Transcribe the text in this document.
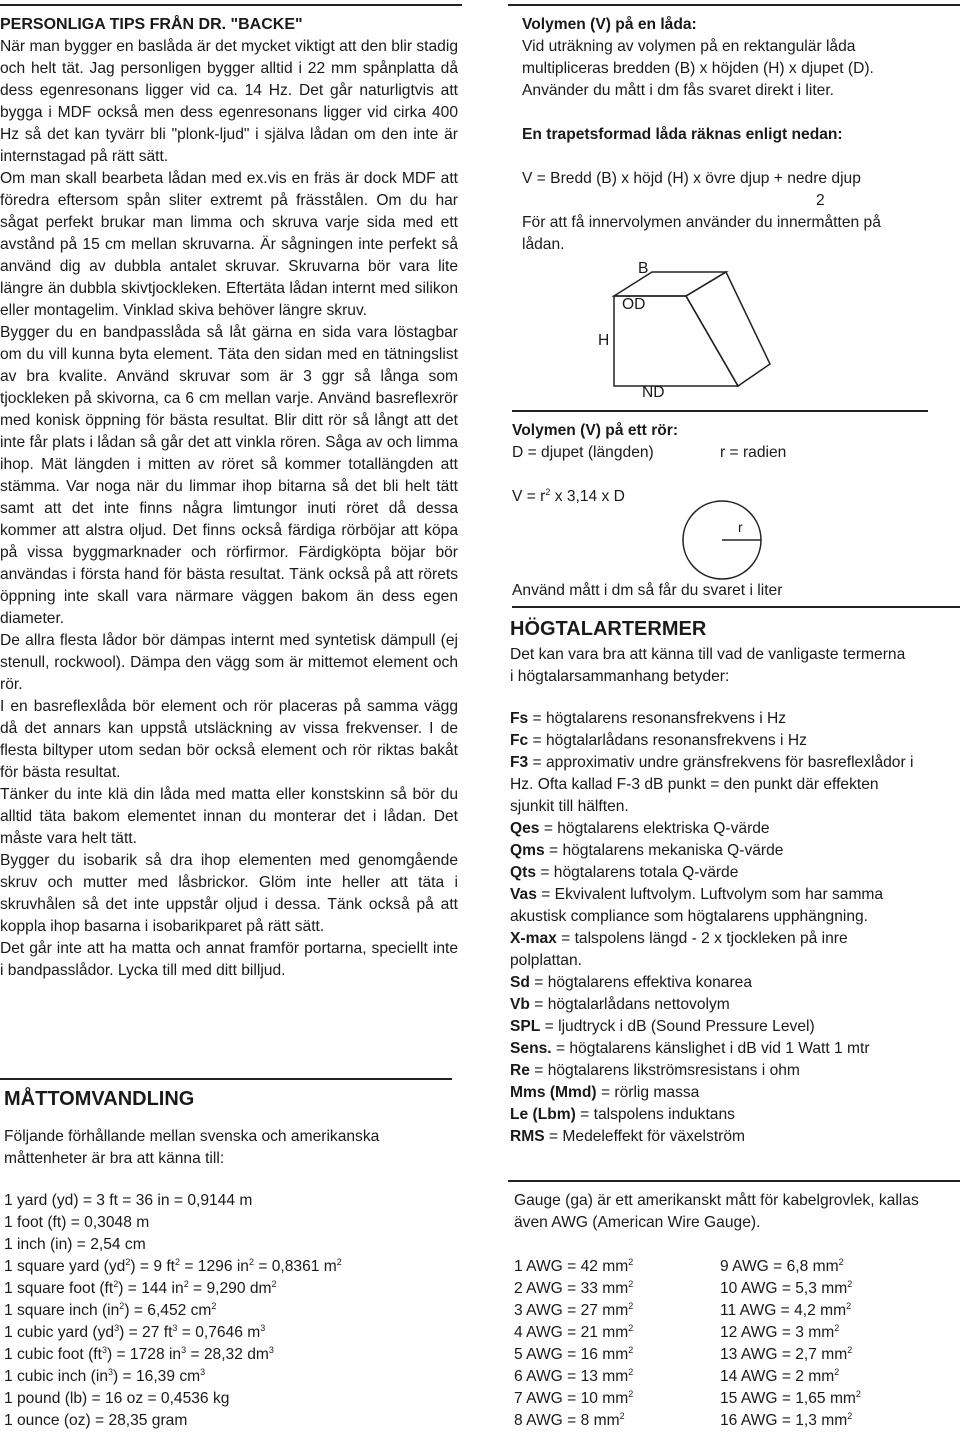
PERSONLIGA TIPS FRÅN DR. "BACKE"

När man bygger en baslåda är det mycket viktigt att den blir stadig och helt tät. Jag personligen bygger alltid i 22 mm spånplatta då dess egenresonans ligger vid ca. 14 Hz. Det går naturligtvis att bygga i MDF också men dess egenresonans ligger vid cirka 400 Hz så det kan tyvärr bli "plonk-ljud" i själva lådan om den inte är internstagad på rätt sätt.

Om man skall bearbeta lådan med ex.vis en fräs är dock MDF att föredra eftersom spån sliter extremt på frässtålen. Om du har sågat perfekt brukar man limma och skruva varje sida med ett avstånd på 15 cm mellan skruvarna. Är sågningen inte perfekt så använd dig av dubbla antalet skruvar. Skruvarna bör vara lite längre än dubbla skivtjockleken. Eftertäta lådan internt med silikon eller montagelim. Vinklad skiva behöver längre skruv.

Bygger du en bandpasslåda så låt gärna en sida vara löstagbar om du vill kunna byta element. Täta den sidan med en tätningslist av bra kvalite. Använd skruvar som är 3 ggr så långa som tjockleken på skivorna, ca 6 cm mellan varje. Använd basreflexrör med konisk öppning för bästa resultat. Blir ditt rör så långt att det inte får plats i lådan så går det att vinkla rören. Såga av och limma ihop. Mät längden i mitten av röret så kommer totallängden att stämma. Var noga när du limmar ihop bitarna så det bli helt tätt samt att det inte finns några limtungor inuti röret då dessa kommer att alstra oljud. Det finns också färdiga rörböjar att köpa på vissa byggmarknader och rörfirmor. Färdigköpta böjar bör användas i första hand för bästa resultat. Tänk också på att rörets öppning inte skall vara närmare väggen bakom än dess egen diameter.

De allra flesta lådor bör dämpas internt med syntetisk dämpull (ej stenull, rockwool). Dämpa den vägg som är mittemot element och rör.

I en basreflexlåda bör element och rör placeras på samma vägg då det annars kan uppstå utsläckning av vissa frekvenser. I de flesta biltyper utom sedan bör också element och rör riktas bakåt för bästa resultat.

Tänker du inte klä din låda med matta eller konstskinn så bör du alltid täta bakom elementet innan du monterar det i lådan. Det måste vara helt tätt.

Bygger du isobarik så dra ihop elementen med genomgående skruv och mutter med låsbrickor. Glöm inte heller att täta i skruvhålen så det inte uppstår oljud i dessa. Tänk också på att koppla ihop basarna i isobarikparet på rätt sätt.

Det går inte att ha matta och annat framför portarna, speciellt inte i bandpasslådor. Lycka till med ditt billjud.

MÅTTOMVANDLING

Följande förhållande mellan svenska och amerikanska måttenheter är bra att känna till:

1 yard (yd) = 3 ft = 36 in = 0,9144 m
1 foot (ft) = 0,3048 m
1 inch (in) = 2,54 cm
1 square yard $(yd^2) = 9$ $ft^2 = 1296$ $in^2 = 0,8361$ $m^2$
1 square foot $(ft^2) = 144$ $in^2 = 9,290$ $dm^2$
1 square inch $(in^2) = 6,452$ $cm^2$
1 cubic yard $(yd^3) = 27$ $ft^3 = 0,7646$ $m^3$
1 cubic foot $(ft^3) = 1728$ $in^3 = 28,32$ $dm^3$
1 cubic inch $(in^3) = 16,39$ $cm^3$
1 pound (lb) = 16 oz = 0,4536 kg
1 ounce (oz) = 28,35 gram
Volymen (V) på en låda:

Vid uträkning av volymen på en rektangulär låda multipliceras bredden (B) x höjden (H) x djupet (D). Använder du mått i dm fås svaret direkt i liter.

En trapetsformad låda räknas enligt nedan:
V = Bredd (B) x höjd (H) x övre djup + nedre djup
2

För att få innervolymen använder du innermåtten på lådan.

B
ÖD
H
ND
Volymen (V) på ett rör:
D = djupet (längden)	r = radien
$V = r^2$ x 3,14 x D
r
Använd mått i dm så får du svaret i liter
HÖGTALARTERMER

Det kan vara bra att känna till vad de vanligaste termerna i högtalarsammanhang betyder:

Fs = högtalarens resonansfrekvens i Hz

Fc = högtalarlådans resonansfrekvens i Hz

F3 = approximativ undre gränsfrekvens för basreflexlådor i Hz. Ofta kallad F-3 dB punkt = den punkt där effekten sjunkit till hälften.

Qes = högtalarens elektriska Q-värde

Qms = högtalarens mekaniska Q-värde

Qts = högtalarens totala Q-värde

Vas = Ekvivalent luftvolym. Luftvolym som har samma akustisk compliance som högtalarens upphängning.

X-max = talspolens längd - 2 x tjockleken på inre polplattan.

Sd = högtalarens effektiva konarea

Vb = högtalarlådans nettovolym

SPL = ljudtryck i dB (Sound Pressure Level)

Sens. = högtalarens känslighet i dB vid 1 Watt 1 mtr

Re = högtalarens likströmsresistans i ohm

Mms (Mmd) = rörlig massa

Le (Lbm) = talspolens induktans

RMS = Medeleffekt för växelström

Gauge (ga) är ett amerikanskt mått för kabelgrovlek, kallas även AWG (American Wire Gauge).

1 AWG = 42 $mm^2$
2 AWG = 33 $mm^2$
3 AWG = 27 $mm^2$
4 AWG = 21 $mm^2$
5 AWG = 16 $mm^2$
6 AWG = 13 $mm^2$
7 AWG = 10 $mm^2$
8 AWG = 8 $mm^2$
9 AWG = 6,8 $mm^2$
10 AWG = 5,3 $mm^2$
11 AWG = 4,2 $mm^2$
12 AWG = 3 $mm^2$
13 AWG = 2,7 $mm^2$
14 AWG = 2 $mm^2$
15 AWG = 1,65 $mm^2$
16 AWG = 1,3 $mm^2$
